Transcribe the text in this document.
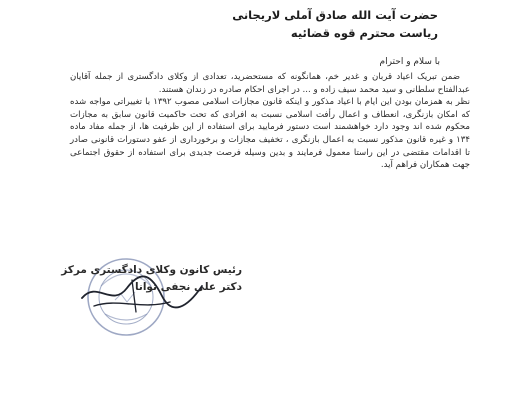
حضرت آیت الله صادق آملی لاریجانی
ریاست محترم قوه قضائیه
با سلام و احترام

ضمن تبریک اعیاد قربان و غدیر خم، همانگونه که مستحضرید، تعدادی از وکلای دادگستری از جمله آقایان عبدالفتاح سلطانی و سید محمد سیف زاده و ... در اجرای احکام صادره در زندان هستند.

نظر به همزمان بودن این ایام با اعیاد مذکور و اینکه قانون مجازات اسلامی مصوب ۱۳۹۲ با تغییراتی مواجه شده که امکان بازنگری، انعطاف و اعمال رأفت اسلامی نسبت به افرادی که تحت حاکمیت قانون سابق به مجازات محکوم شده اند وجود دارد خواهشمند است دستور فرمایید برای استفاده از این ظرفیت ها، از جمله مفاد ماده ۱۳۴ و غیره قانون مذکور نسبت به اعمال بازنگری ، تخفیف مجازات و برخورداری از عفو دستورات قانونی صادر تا اقدامات مقتضی در این راستا معمول فرمایند و بدین وسیله فرصت جدیدی برای استفاده از حقوق اجتماعی جهت همکاران فراهم آید.

رئیس کانون وکلای دادگستری مرکز
دکتر علی نجفی توانا
